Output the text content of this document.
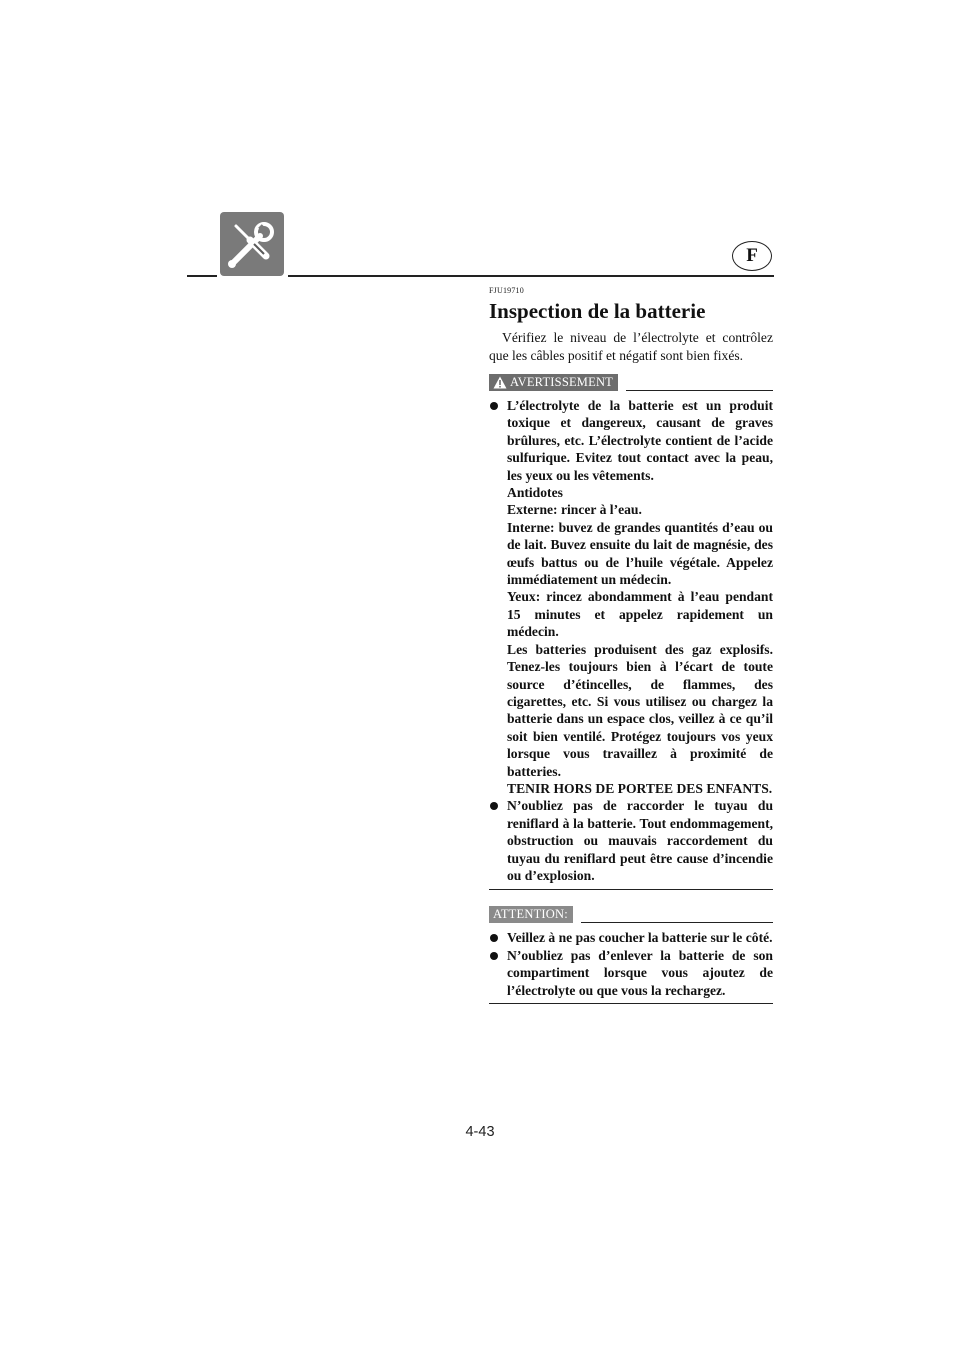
F

FJU19710

Inspection de la batterie

Vérifiez le niveau de l’électrolyte et contrôlez que les câbles positif et négatif sont bien fixés.

AVERTISSEMENT

L’électrolyte de la batterie est un produit toxique et dangereux, causant de graves brûlures, etc. L’électrolyte contient de l’acide sulfurique. Evitez tout contact avec la peau, les yeux ou les vêtements.

Antidotes

Externe: rincer à l’eau.

Interne: buvez de grandes quantités d’eau ou de lait. Buvez ensuite du lait de magnésie, des œufs battus ou de l’huile végétale. Appelez immédiatement un médecin.

Yeux: rincez abondamment à l’eau pendant 15 minutes et appelez rapidement un médecin.

Les batteries produisent des gaz explosifs. Tenez-les toujours bien à l’écart de toute source d’étincelles, de flammes, des cigarettes, etc. Si vous utilisez ou chargez la batterie dans un espace clos, veillez à ce qu’il soit bien ventilé. Protégez toujours vos yeux lorsque vous travaillez à proximité de batteries.

TENIR HORS DE PORTEE DES ENFANTS.

N’oubliez pas de raccorder le tuyau du reniflard à la batterie. Tout endommagement, obstruction ou mauvais raccordement du tuyau du reniflard peut être cause d’incendie ou d’explosion.

ATTENTION:

Veillez à ne pas coucher la batterie sur le côté.

N’oubliez pas d’enlever la batterie de son compartiment lorsque vous ajoutez de l’électrolyte ou que vous la rechargez.

4-43
